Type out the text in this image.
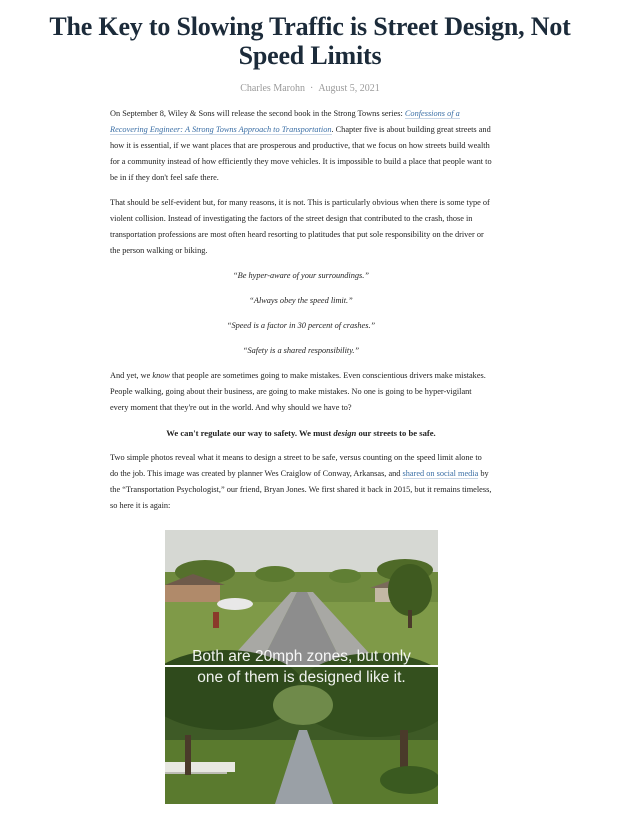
The Key to Slowing Traffic is Street Design, Not Speed Limits
Charles Marohn · August 5, 2021

On September 8, Wiley & Sons will release the second book in the Strong Towns series: Confessions of a Recovering Engineer: A Strong Towns Approach to Transportation. Chapter five is about building great streets and how it is essential, if we want places that are prosperous and productive, that we focus on how streets build wealth for a community instead of how efficiently they move vehicles. It is impossible to build a place that people want to be in if they don't feel safe there.

That should be self-evident but, for many reasons, it is not. This is particularly obvious when there is some type of violent collision. Instead of investigating the factors of the street design that contributed to the crash, those in transportation professions are most often heard resorting to platitudes that put sole responsibility on the driver or the person walking or biking.

“Be hyper-aware of your surroundings.”

“Always obey the speed limit.”

“Speed is a factor in 30 percent of crashes.”

“Safety is a shared responsibility.”

And yet, we know that people are sometimes going to make mistakes. Even conscientious drivers make mistakes. People walking, going about their business, are going to make mistakes. No one is going to be hyper-vigilant every moment that they're out in the world. And why should we have to?

We can't regulate our way to safety. We must design our streets to be safe.

Two simple photos reveal what it means to design a street to be safe, versus counting on the speed limit alone to do the job. This image was created by planner Wes Craiglow of Conway, Arkansas, and shared on social media by the “Transportation Psychologist,” our friend, Bryan Jones. We first shared it back in 2015, but it remains timeless, so here it is again:

Both are 20mph zones, but only
one of them is designed like it.
